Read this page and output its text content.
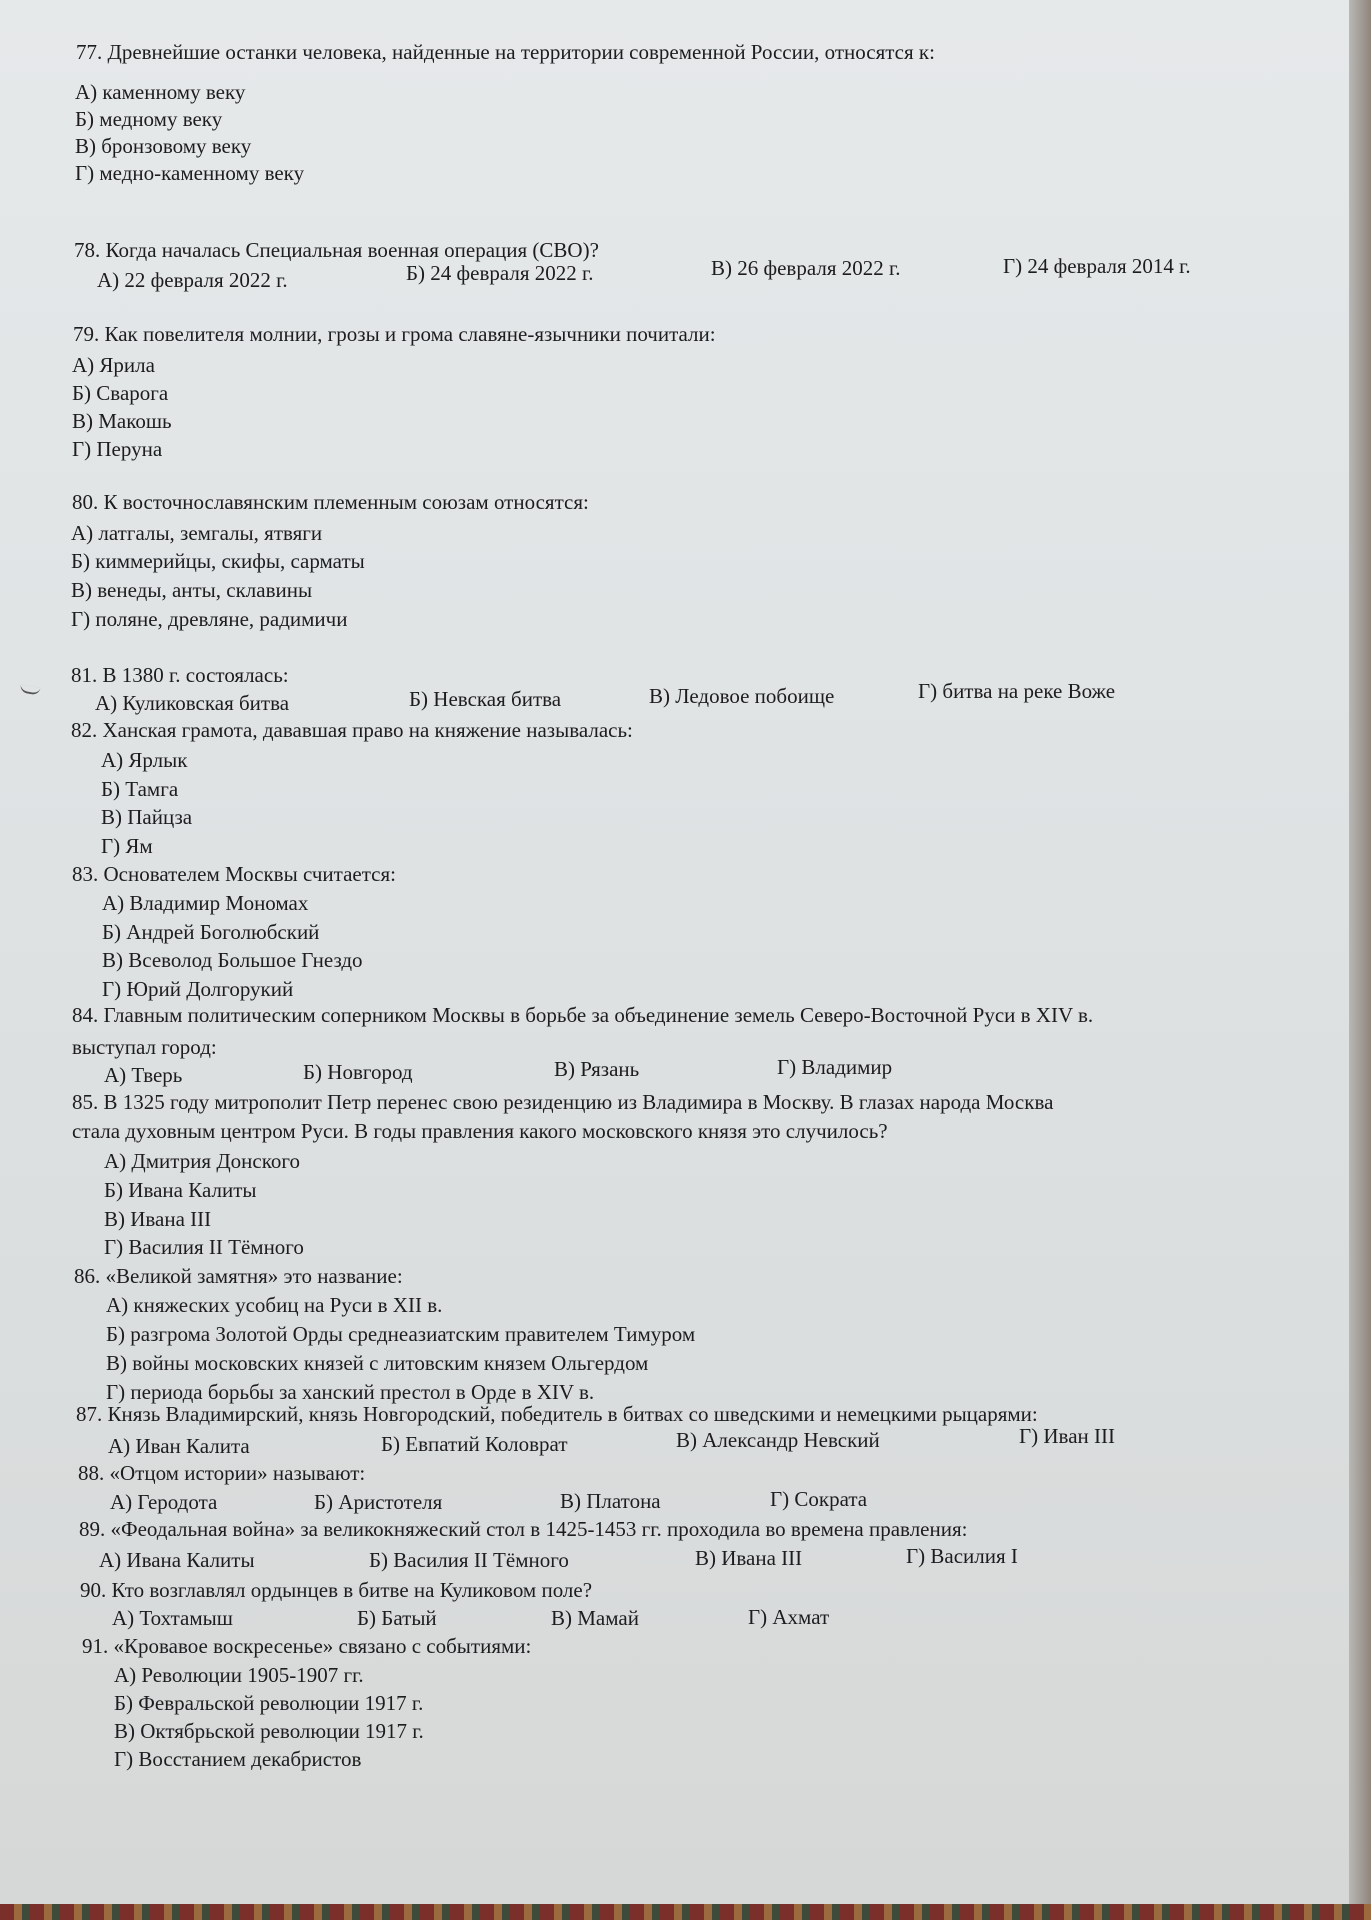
77. Древнейшие останки человека, найденные на территории современной России, относятся к:
А) каменному веку
Б) медному веку
В) бронзовому веку
Г) медно-каменному веку
78. Когда началась Специальная военная операция (СВО)?
А) 22 февраля 2022 г.	Б) 24 февраля 2022 г.	В) 26 февраля 2022 г.	Г) 24 февраля 2014 г.
79. Как повелителя молнии, грозы и грома славяне-язычники почитали:
А) Ярила
Б) Сварога
В) Макошь
Г) Перуна
80. К восточнославянским племенным союзам относятся:
А) латгалы, земгалы, ятвяги
Б) киммерийцы, скифы, сарматы
В) венеды, анты, склавины
Г) поляне, древляне, радимичи
81. В 1380 г. состоялась:
А) Куликовская битва	Б) Невская битва	В) Ледовое побоище	Г) битва на реке Воже
82. Ханская грамота, дававшая право на княжение называлась:
А) Ярлык
Б) Тамга
В) Пайцза
Г) Ям
83. Основателем Москвы считается:
А) Владимир Мономах
Б) Андрей Боголюбский
В) Всеволод Большое Гнездо
Г) Юрий Долгорукий
84. Главным политическим соперником Москвы в борьбе за объединение земель Северо-Восточной Руси в XIV в.
выступал город:
А) Тверь	Б) Новгород	В) Рязань	Г) Владимир
85. В 1325 году митрополит Петр перенес свою резиденцию из Владимира в Москву. В глазах народа Москва
стала духовным центром Руси. В годы правления какого московского князя это случилось?
А) Дмитрия Донского
Б) Ивана Калиты
В) Ивана III
Г) Василия II Тёмного
86. «Великой замятня» это название:
А) княжеских усобиц на Руси в XII в.
Б) разгрома Золотой Орды среднеазиатским правителем Тимуром
В) войны московских князей с литовским князем Ольгердом
Г) периода борьбы за ханский престол в Орде в XIV в.
87. Князь Владимирский, князь Новгородский, победитель в битвах со шведскими и немецкими рыцарями:
А) Иван Калита	Б) Евпатий Коловрат	В) Александр Невский	Г) Иван III
88. «Отцом истории» называют:
А) Геродота	Б) Аристотеля	В) Платона	Г) Сократа
89. «Феодальная война» за великокняжеский стол в 1425-1453 гг. проходила во времена правления:
А) Ивана Калиты	Б) Василия II Тёмного	В) Ивана III	Г) Василия I
90. Кто возглавлял ордынцев в битве на Куликовом поле?
А) Тохтамыш	Б) Батый	В) Мамай	Г) Ахмат
91. «Кровавое воскресенье» связано с событиями:
А) Революции 1905-1907 гг.
Б) Февральской революции 1917 г.
В) Октябрьской революции 1917 г.
Г) Восстанием декабристов
